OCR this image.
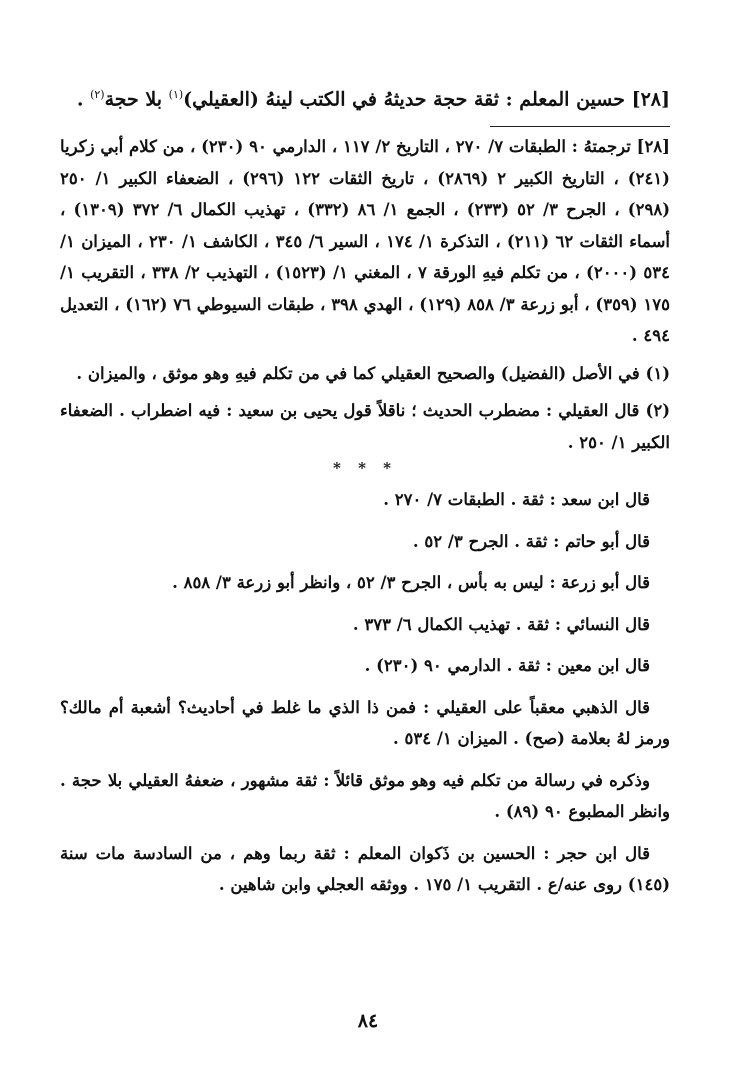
[٢٨] حسين المعلم : ثقة حجة حديثهُ في الكتب لينهُ (العقيلي)$^{(١)}$ بلا حجة$^{(٢)}$ .

[٢٨] ترجمتهُ : الطبقات ٧/ ٢٧٠ ، التاريخ ٢/ ١١٧ ، الدارمي ٩٠ (٢٣٠) ، من كلام أبي زكريا (٢٤١) ، التاريخ الكبير ٢ (٢٨٦٩) ، تاريخ الثقات ١٢٢ (٢٩٦) ، الضعفاء الكبير ١/ ٢٥٠ (٢٩٨) ، الجرح ٣/ ٥٢ (٢٣٣) ، الجمع ١/ ٨٦ (٣٣٢) ، تهذيب الكمال ٦/ ٣٧٢ (١٣٠٩) ، أسماء الثقات ٦٢ (٢١١) ، التذكرة ١/ ١٧٤ ، السير ٦/ ٣٤٥ ، الكاشف ١/ ٢٣٠ ، الميزان ١/ ٥٣٤ (٢٠٠٠) ، من تكلم فيهِ الورقة ٧ ، المغني ١/ (١٥٢٣) ، التهذيب ٢/ ٣٣٨ ، التقريب ١/ ١٧٥ (٣٥٩) ، أبو زرعة ٣/ ٨٥٨ (١٢٩) ، الهدي ٣٩٨ ، طبقات السيوطي ٧٦ (١٦٢) ، التعديل ٤٩٤ .

(١) في الأصل (الفضيل) والصحيح العقيلي كما في من تكلم فيهِ وهو موثق ، والميزان .

(٢) قال العقيلي : مضطرب الحديث ؛ ناقلاً قول يحيى بن سعيد : فيه اضطراب . الضعفاء الكبير ١/ ٢٥٠ .

* * *

قال ابن سعد : ثقة . الطبقات ٧/ ٢٧٠ .

قال أبو حاتم : ثقة . الجرح ٣/ ٥٢ .

قال أبو زرعة : ليس به بأس ، الجرح ٣/ ٥٢ ، وانظر أبو زرعة ٣/ ٨٥٨ .

قال النسائي : ثقة . تهذيب الكمال ٦/ ٣٧٣ .

قال ابن معين : ثقة . الدارمي ٩٠ (٢٣٠) .

قال الذهبي معقباً على العقيلي : فمن ذا الذي ما غلط في أحاديث؟ أشعبة أم مالك؟ ورمز لهُ بعلامة (صح) . الميزان ١/ ٥٣٤ .

وذكره في رسالة من تكلم فيه وهو موثق قائلاً : ثقة مشهور ، ضعفهُ العقيلي بلا حجة . وانظر المطبوع ٩٠ (٨٩) .

قال ابن حجر : الحسين بن ذَكوان المعلم : ثقة ربما وهم ، من السادسة مات سنة (١٤٥) روى عنه/ع . التقريب ١/ ١٧٥ . ووثقه العجلي وابن شاهين .

٨٤
